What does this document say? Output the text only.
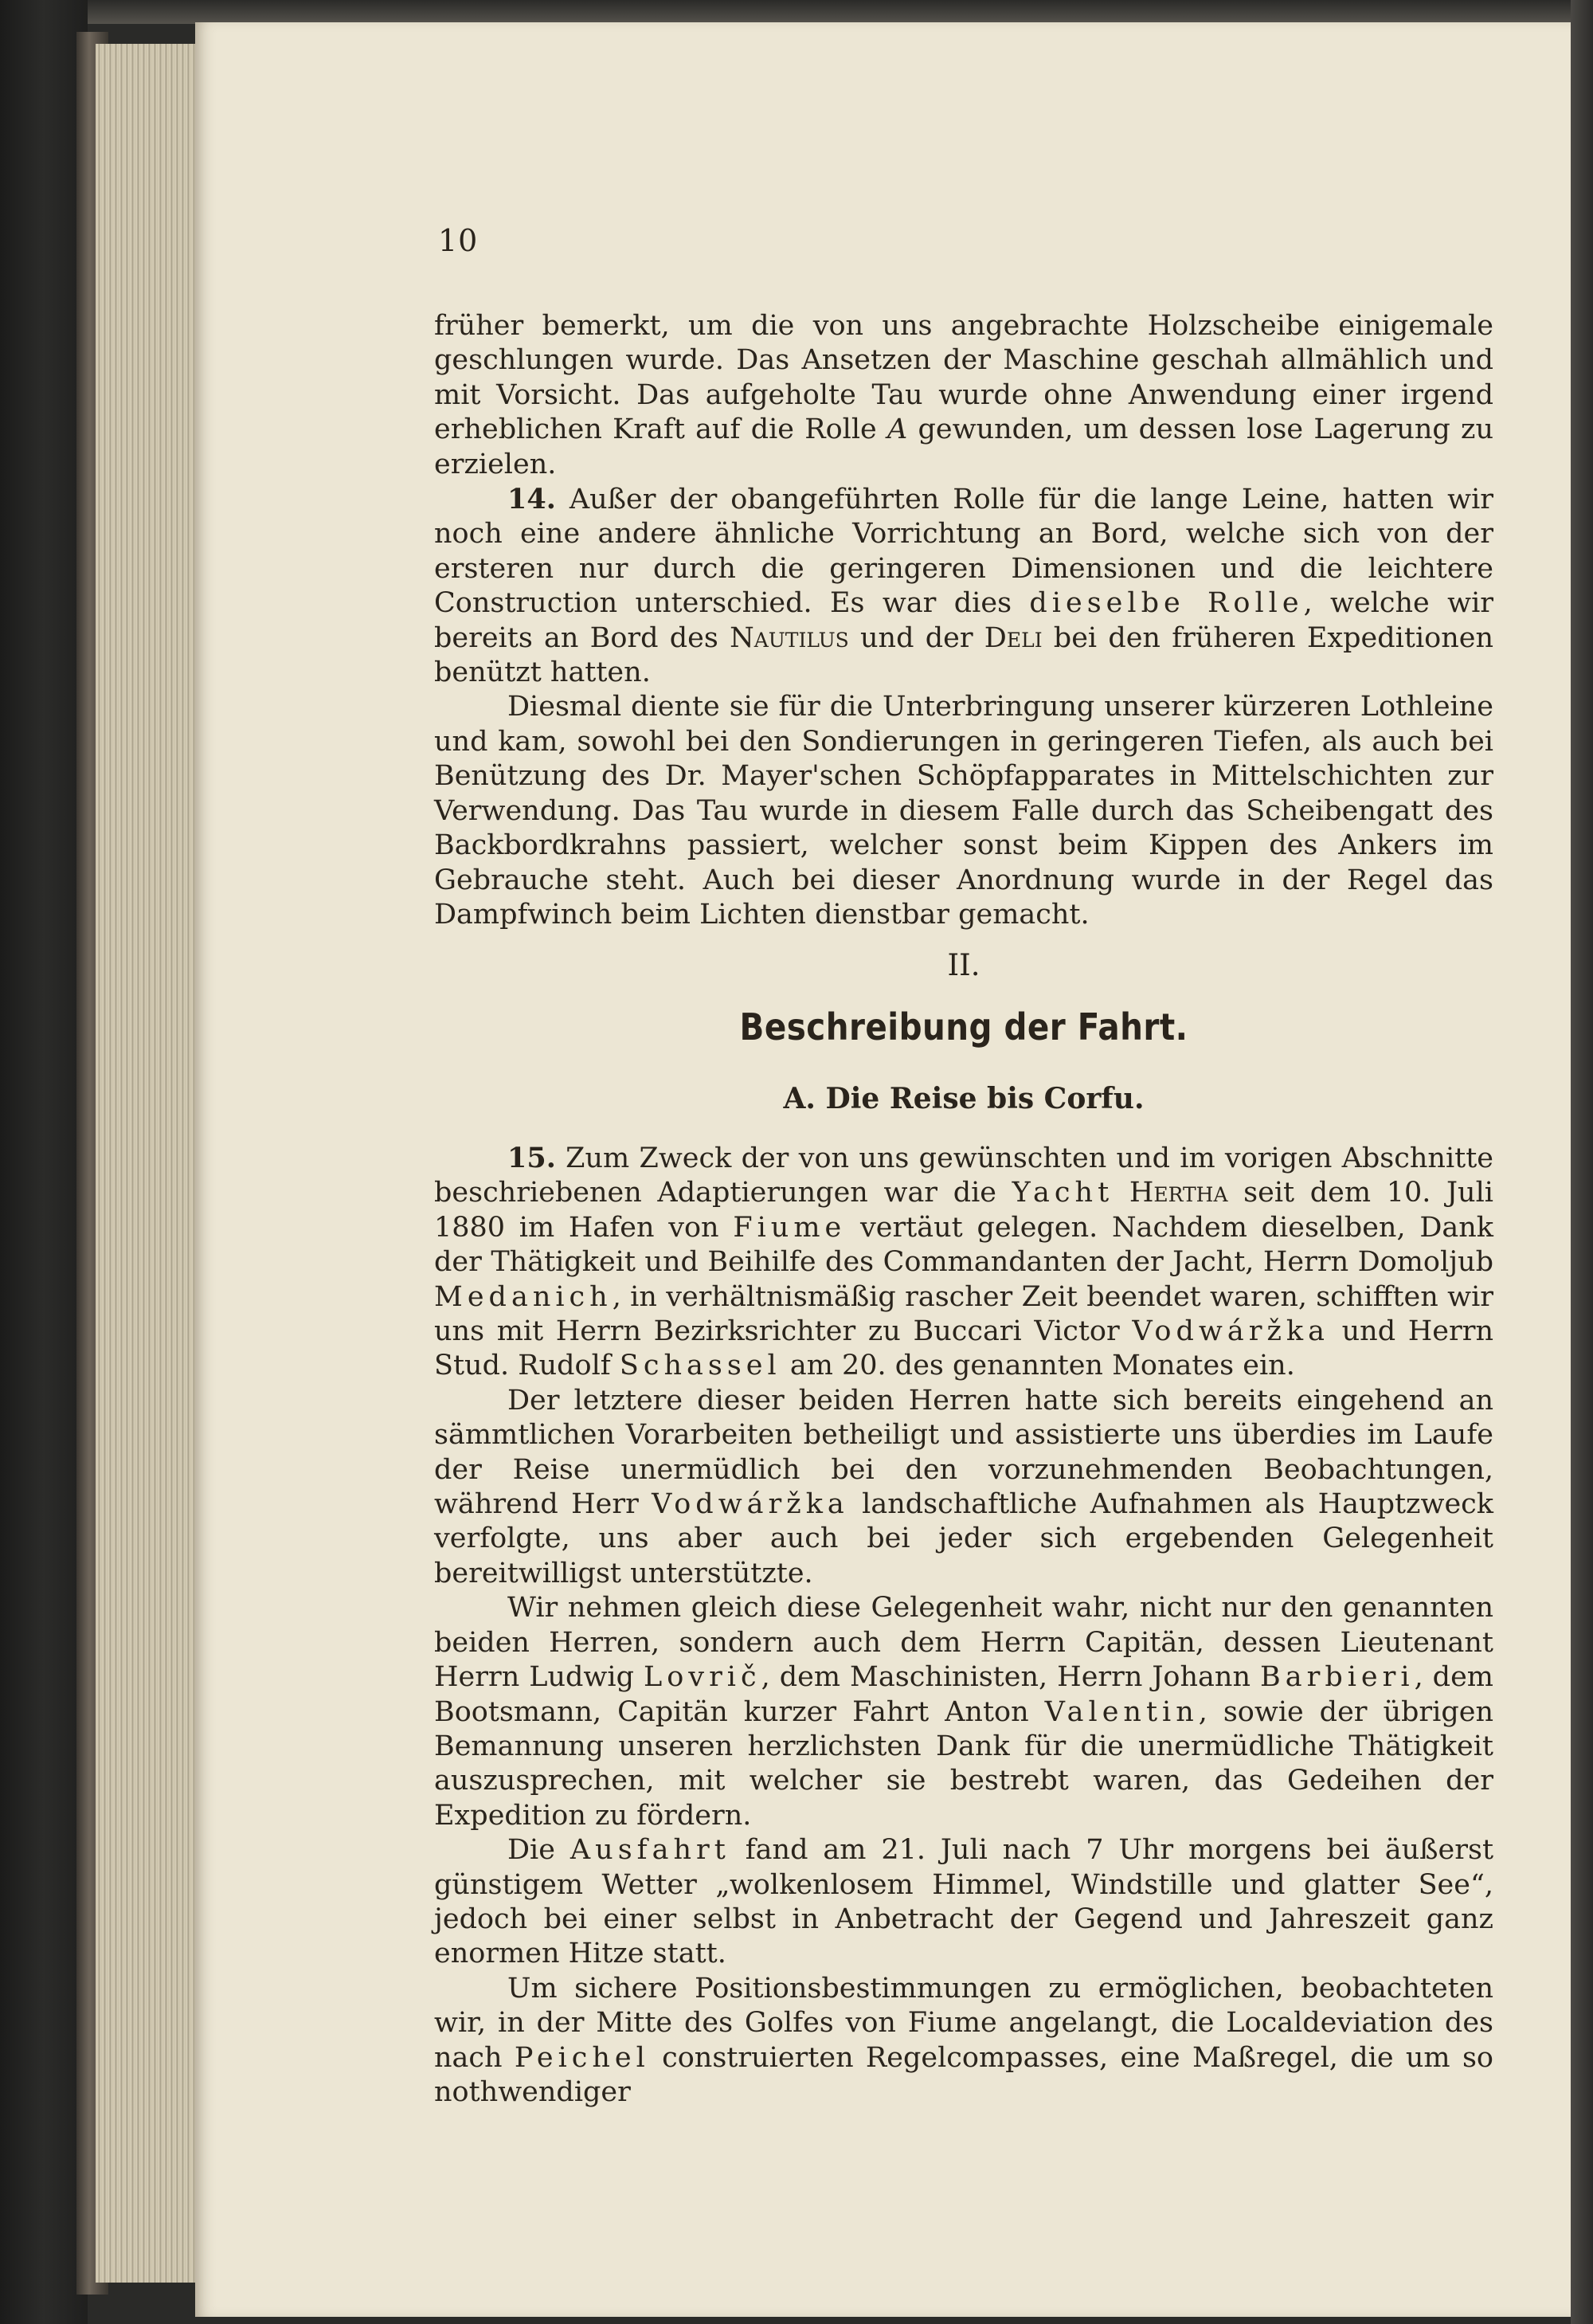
10

früher bemerkt, um die von uns angebrachte Holzscheibe einigemale geschlungen wurde. Das Ansetzen der Maschine geschah allmählich und mit Vorsicht. Das aufgeholte Tau wurde ohne Anwendung einer irgend erheblichen Kraft auf die Rolle A gewunden, um dessen lose Lagerung zu erzielen.

14. Außer der obangeführten Rolle für die lange Leine, hatten wir noch eine andere ähnliche Vorrichtung an Bord, welche sich von der ersteren nur durch die geringeren Dimensionen und die leichtere Construction unterschied. Es war dies dieselbe Rolle, welche wir bereits an Bord des Nautilus und der Deli bei den früheren Expeditionen benützt hatten.

Diesmal diente sie für die Unterbringung unserer kürzeren Lothleine und kam, sowohl bei den Sondierungen in geringeren Tiefen, als auch bei Benützung des Dr. Mayer'schen Schöpfapparates in Mittelschichten zur Verwendung. Das Tau wurde in diesem Falle durch das Scheibengatt des Backbordkrahns passiert, welcher sonst beim Kippen des Ankers im Gebrauche steht. Auch bei dieser Anordnung wurde in der Regel das Dampfwinch beim Lichten dienstbar gemacht.

II.
Beschreibung der Fahrt.
A. Die Reise bis Corfu.

15. Zum Zweck der von uns gewünschten und im vorigen Abschnitte beschriebenen Adaptierungen war die Yacht Hertha seit dem 10. Juli 1880 im Hafen von Fiume vertäut gelegen. Nachdem dieselben, Dank der Thätigkeit und Beihilfe des Commandanten der Jacht, Herrn Domoljub Medanich, in verhältnismäßig rascher Zeit beendet waren, schifften wir uns mit Herrn Bezirksrichter zu Buccari Victor Vodwáržka und Herrn Stud. Rudolf Schassel am 20. des genannten Monates ein.

Der letztere dieser beiden Herren hatte sich bereits eingehend an sämmtlichen Vorarbeiten betheiligt und assistierte uns überdies im Laufe der Reise unermüdlich bei den vorzunehmenden Beobachtungen, während Herr Vodwáržka landschaftliche Aufnahmen als Hauptzweck verfolgte, uns aber auch bei jeder sich ergebenden Gelegenheit bereitwilligst unterstützte.

Wir nehmen gleich diese Gelegenheit wahr, nicht nur den genannten beiden Herren, sondern auch dem Herrn Capitän, dessen Lieutenant Herrn Ludwig Lovrič, dem Maschinisten, Herrn Johann Barbieri, dem Bootsmann, Capitän kurzer Fahrt Anton Valentin, sowie der übrigen Bemannung unseren herzlichsten Dank für die unermüdliche Thätigkeit auszusprechen, mit welcher sie bestrebt waren, das Gedeihen der Expedition zu fördern.

Die Ausfahrt fand am 21. Juli nach 7 Uhr morgens bei äußerst günstigem Wetter „wolkenlosem Himmel, Windstille und glatter See“, jedoch bei einer selbst in Anbetracht der Gegend und Jahreszeit ganz enormen Hitze statt.

Um sichere Positionsbestimmungen zu ermöglichen, beobachteten wir, in der Mitte des Golfes von Fiume angelangt, die Localdeviation des nach Peichel construierten Regelcompasses, eine Maßregel, die um so nothwendiger
